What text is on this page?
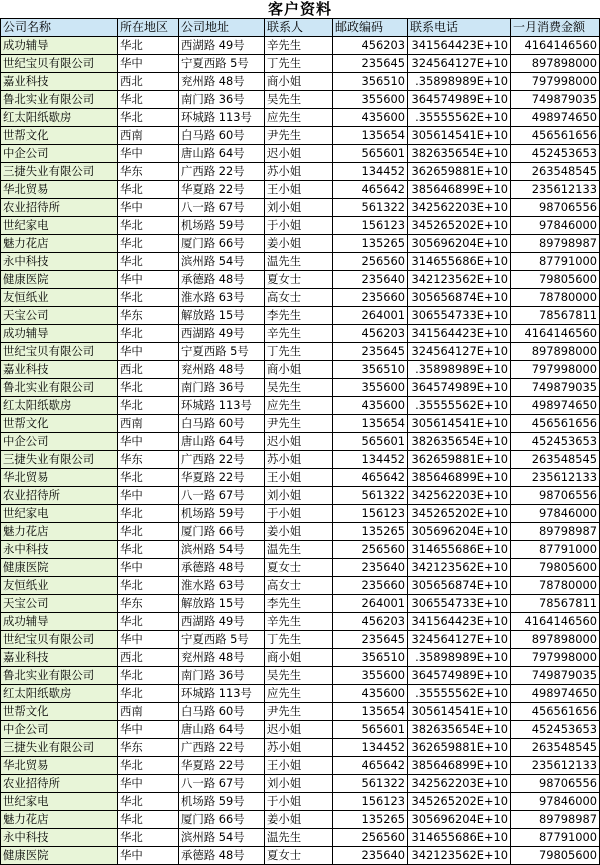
客户资料
公司名称	所在地区	公司地址	联系人	邮政编码	联系电话	一月消费金额
成功辅导	华北	西湖路 49号	辛先生	456203	341564423E+10	4164146560
世纪宝贝有限公司	华中	宁夏西路 5号	丁先生	235645	324564127E+10	897898000
嘉业科技	西北	兖州路 48号	商小姐	356510	.35898989E+10	797998000
鲁北实业有限公司	华北	南门路 36号	吴先生	355600	364574989E+10	749879035
红太阳纸歇房	华北	环城路 113号	应先生	435600	.35555562E+10	498974650
世帮文化	西南	白马路 60号	尹先生	135654	305614541E+10	456561656
中企公司	华中	唐山路 64号	迟小姐	565601	382635654E+10	452453653
三捷失业有限公司	华东	广西路 22号	苏小姐	134452	362659881E+10	263548545
华北贸易	华北	华夏路 22号	王小姐	465642	385646899E+10	235612133
农业招待所	华中	八一路 67号	刘小姐	561322	342562203E+10	98706556
世纪家电	华北	机场路 59号	于小姐	156123	345265202E+10	97846000
魅力花店	华北	厦门路 66号	姜小姐	135265	305696204E+10	89798987
永中科技	华北	滨州路 54号	温先生	256560	314655686E+10	87791000
健康医院	华中	承德路 48号	夏女士	235640	342123562E+10	79805600
友恒纸业	华北	淮水路 63号	高女士	235660	305656874E+10	78780000
天宝公司	华东	解放路 15号	李先生	264001	306554733E+10	78567811
成功辅导	华北	西湖路 49号	辛先生	456203	341564423E+10	4164146560
世纪宝贝有限公司	华中	宁夏西路 5号	丁先生	235645	324564127E+10	897898000
嘉业科技	西北	兖州路 48号	商小姐	356510	.35898989E+10	797998000
鲁北实业有限公司	华北	南门路 36号	吴先生	355600	364574989E+10	749879035
红太阳纸歇房	华北	环城路 113号	应先生	435600	.35555562E+10	498974650
世帮文化	西南	白马路 60号	尹先生	135654	305614541E+10	456561656
中企公司	华中	唐山路 64号	迟小姐	565601	382635654E+10	452453653
三捷失业有限公司	华东	广西路 22号	苏小姐	134452	362659881E+10	263548545
华北贸易	华北	华夏路 22号	王小姐	465642	385646899E+10	235612133
农业招待所	华中	八一路 67号	刘小姐	561322	342562203E+10	98706556
世纪家电	华北	机场路 59号	于小姐	156123	345265202E+10	97846000
魅力花店	华北	厦门路 66号	姜小姐	135265	305696204E+10	89798987
永中科技	华北	滨州路 54号	温先生	256560	314655686E+10	87791000
健康医院	华中	承德路 48号	夏女士	235640	342123562E+10	79805600
友恒纸业	华北	淮水路 63号	高女士	235660	305656874E+10	78780000
天宝公司	华东	解放路 15号	李先生	264001	306554733E+10	78567811
成功辅导	华北	西湖路 49号	辛先生	456203	341564423E+10	4164146560
世纪宝贝有限公司	华中	宁夏西路 5号	丁先生	235645	324564127E+10	897898000
嘉业科技	西北	兖州路 48号	商小姐	356510	.35898989E+10	797998000
鲁北实业有限公司	华北	南门路 36号	吴先生	355600	364574989E+10	749879035
红太阳纸歇房	华北	环城路 113号	应先生	435600	.35555562E+10	498974650
世帮文化	西南	白马路 60号	尹先生	135654	305614541E+10	456561656
中企公司	华中	唐山路 64号	迟小姐	565601	382635654E+10	452453653
三捷失业有限公司	华东	广西路 22号	苏小姐	134452	362659881E+10	263548545
华北贸易	华北	华夏路 22号	王小姐	465642	385646899E+10	235612133
农业招待所	华中	八一路 67号	刘小姐	561322	342562203E+10	98706556
世纪家电	华北	机场路 59号	于小姐	156123	345265202E+10	97846000
魅力花店	华北	厦门路 66号	姜小姐	135265	305696204E+10	89798987
永中科技	华北	滨州路 54号	温先生	256560	314655686E+10	87791000
健康医院	华中	承德路 48号	夏女士	235640	342123562E+10	79805600
